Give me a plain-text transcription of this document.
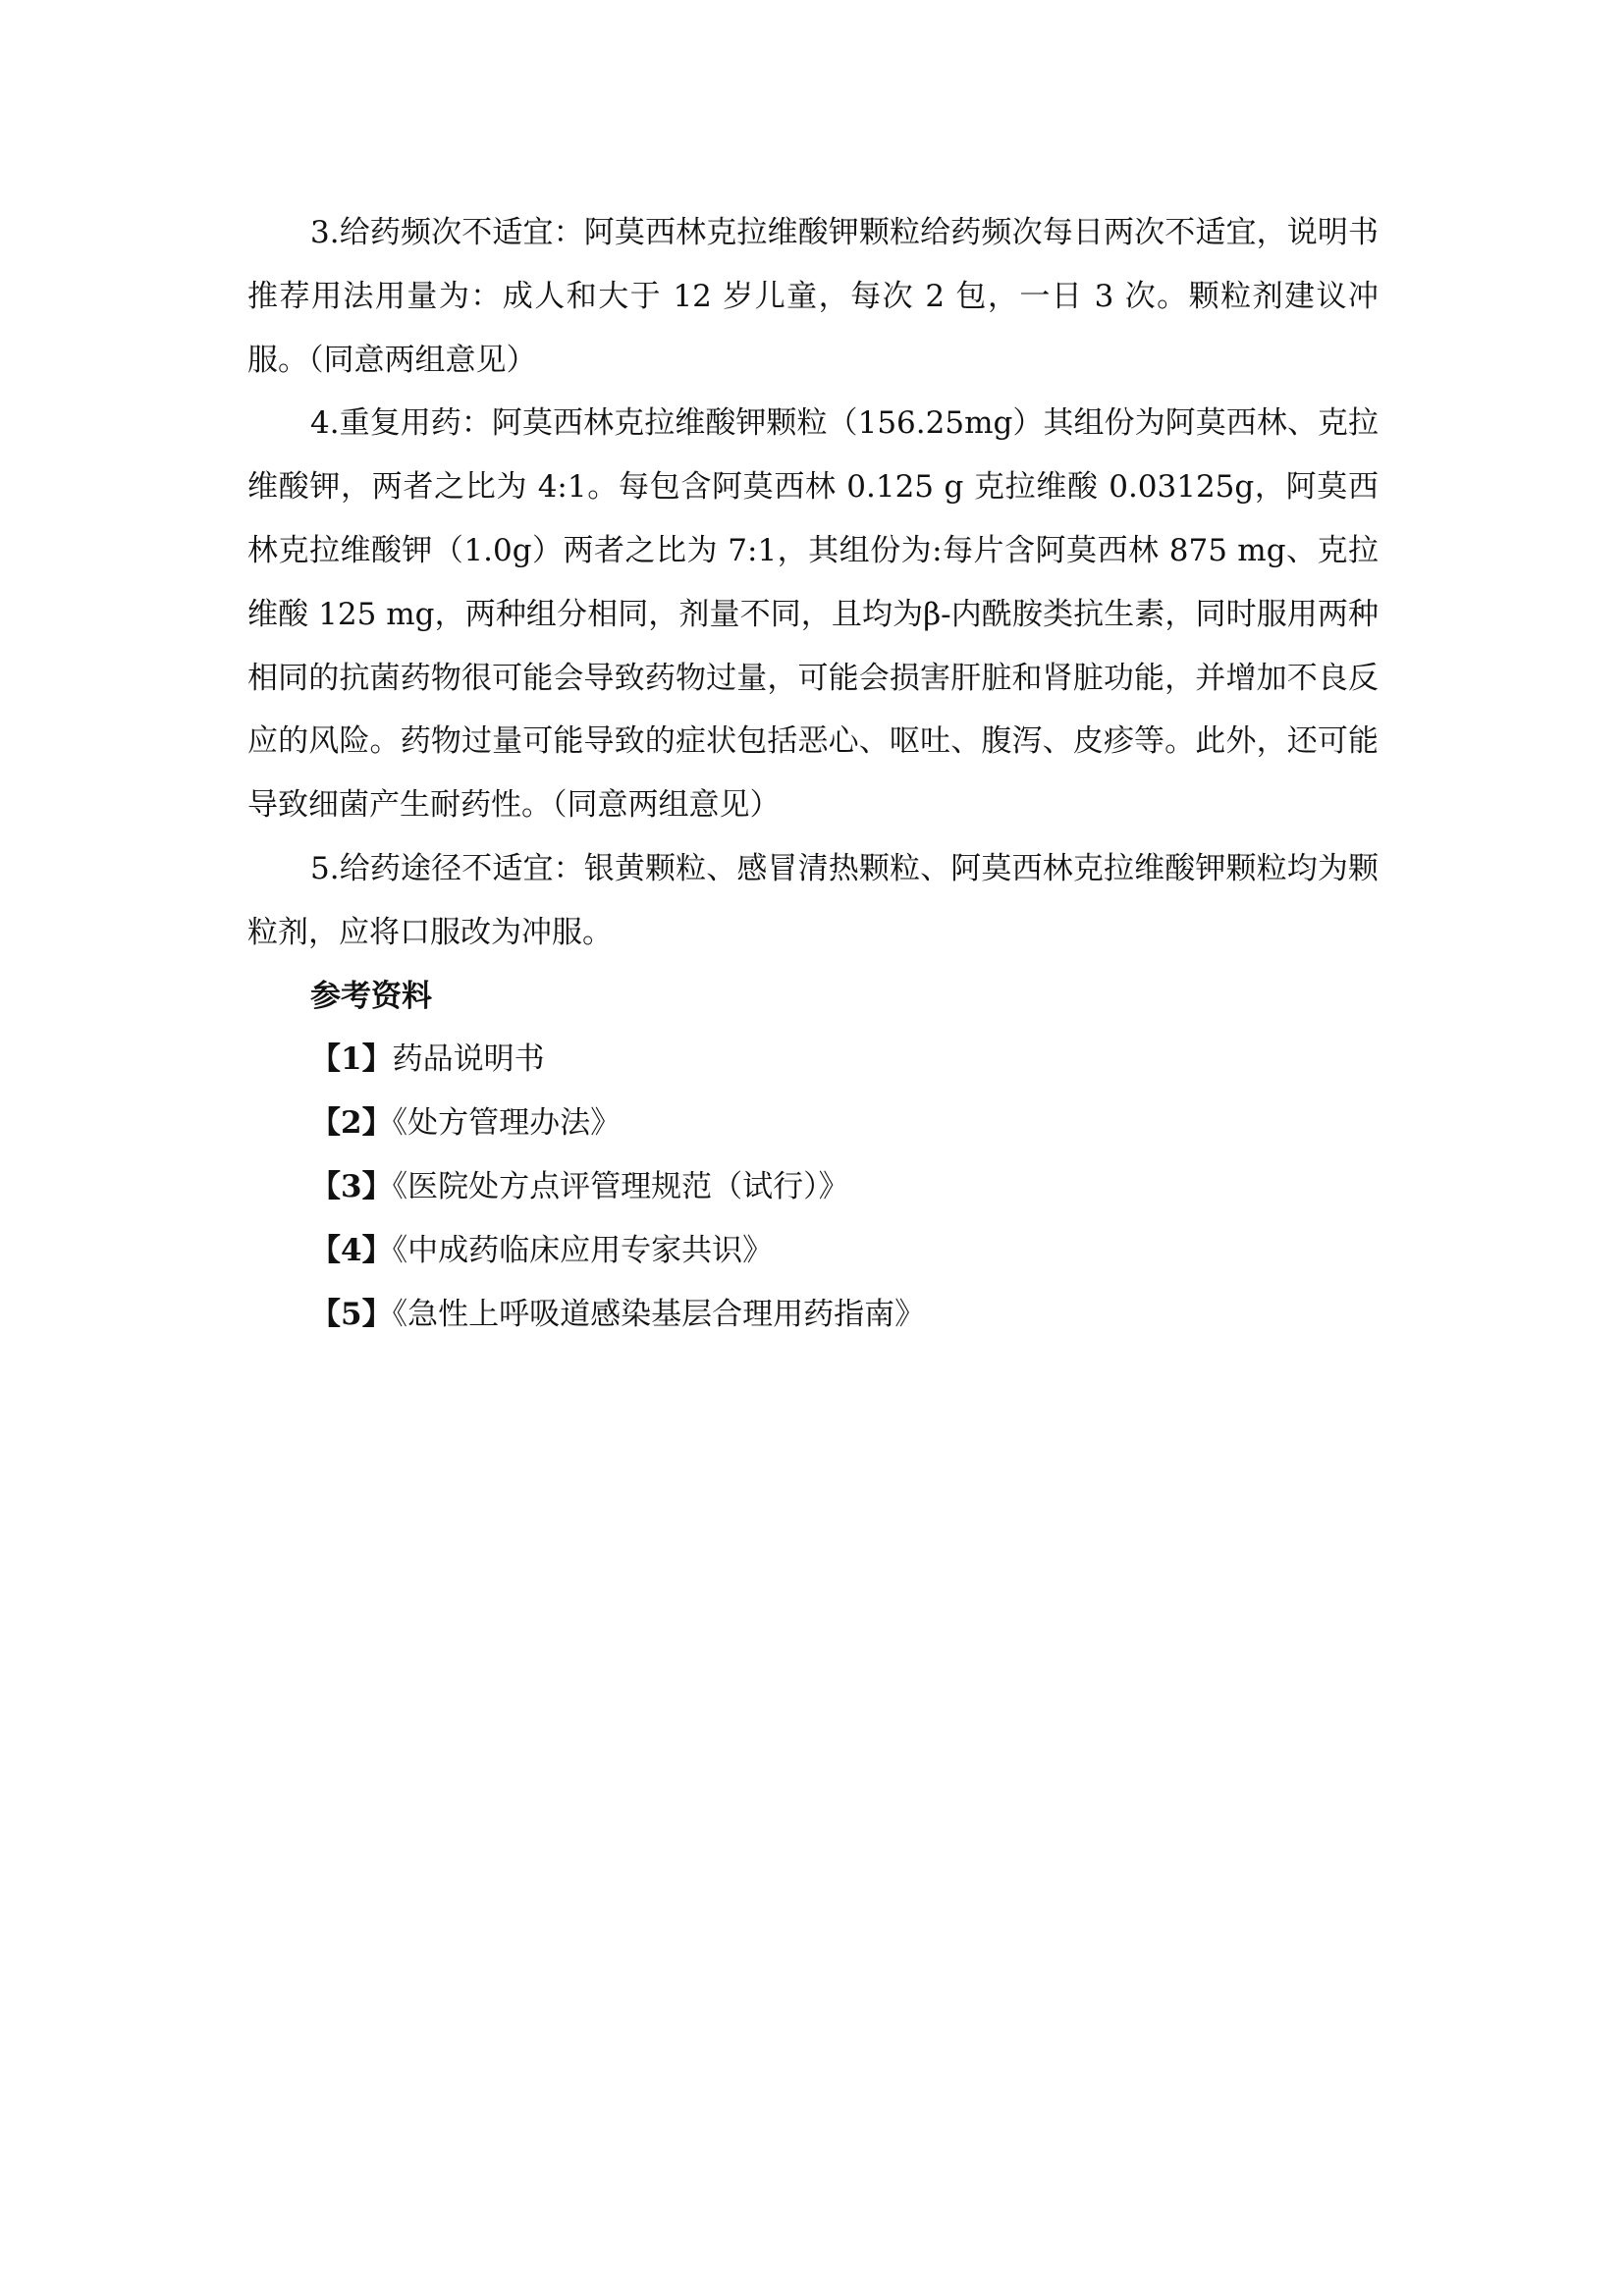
3.给药频次不适宜：阿莫西林克拉维酸钾颗粒给药频次每日两次不适宜，说明书推荐用法用量为：成人和大于 12 岁儿童，每次 2 包，一日 3 次。颗粒剂建议冲服。（同意两组意见）

4.重复用药：阿莫西林克拉维酸钾颗粒（156.25mg）其组份为阿莫西林、克拉维酸钾，两者之比为 4:1。每包含阿莫西林 0.125 g 克拉维酸 0.03125g，阿莫西林克拉维酸钾（1.0g）两者之比为 7:1，其组份为:每片含阿莫西林 875 mg、克拉维酸 125 mg，两种组分相同，剂量不同，且均为β-内酰胺类抗生素，同时服用两种相同的抗菌药物很可能会导致药物过量，可能会损害肝脏和肾脏功能，并增加不良反应的风险。药物过量可能导致的症状包括恶心、呕吐、腹泻、皮疹等。此外，还可能导致细菌产生耐药性。（同意两组意见）

5.给药途径不适宜：银黄颗粒、感冒清热颗粒、阿莫西林克拉维酸钾颗粒均为颗粒剂，应将口服改为冲服。

参考资料

【1】药品说明书
【2】《处方管理办法》
【3】《医院处方点评管理规范（试行）》
【4】《中成药临床应用专家共识》
【5】《急性上呼吸道感染基层合理用药指南》
